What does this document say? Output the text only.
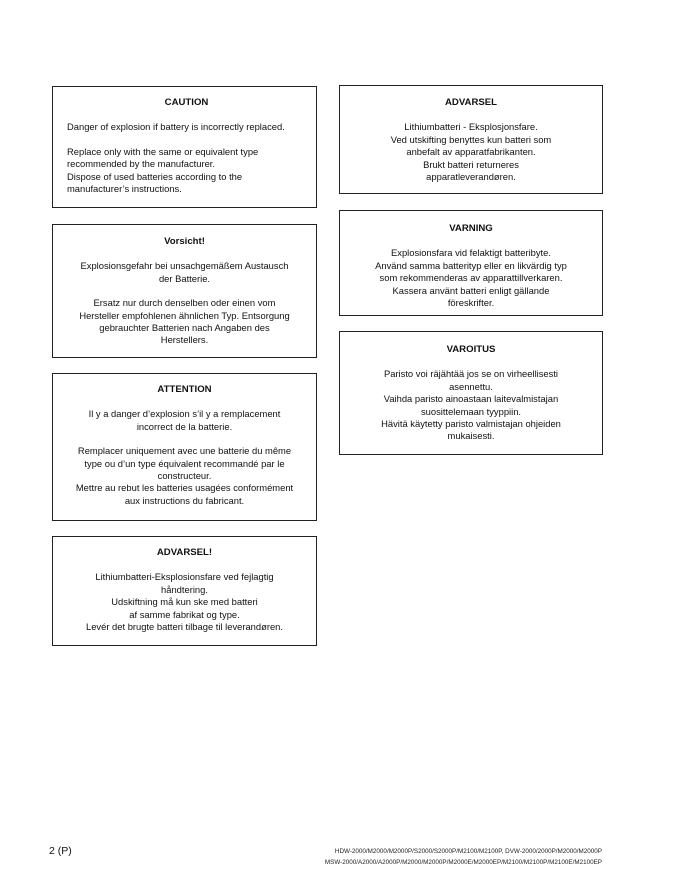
CAUTION
Danger of explosion if battery is incorrectly replaced.
Replace only with the same or equivalent type
recommended by the manufacturer.
Dispose of used batteries according to the
manufacturer’s instructions.
Vorsicht!
Explosionsgefahr bei unsachgemäßem Austausch
der Batterie.
Ersatz nur durch denselben oder einen vom
Hersteller empfohlenen ähnlichen Typ. Entsorgung
gebrauchter Batterien nach Angaben des
Herstellers.
ATTENTION
Il y a danger d’explosion s’il y a remplacement
incorrect de la batterie.
Remplacer uniquement avec une batterie du même
type ou d’un type équivalent recommandé par le
constructeur.
Mettre au rebut les batteries usagées conformément
aux instructions du fabricant.
ADVARSEL!
Lithiumbatteri-Eksplosionsfare ved fejlagtig
håndtering.
Udskiftning må kun ske med batteri
af samme fabrikat og type.
Levér det brugte batteri tilbage til leverandøren.
ADVARSEL
Lithiumbatteri - Eksplosjonsfare.
Ved utskifting benyttes kun batteri som
anbefalt av apparatfabrikanten.
Brukt batteri returneres
apparatleverandøren.
VARNING
Explosionsfara vid felaktigt batteribyte.
Använd samma batterityp eller en likvärdig typ
som rekommenderas av apparattillverkaren.
Kassera använt batteri enligt gällande
föreskrifter.
VAROITUS
Paristo voi räjähtää jos se on virheellisesti
asennettu.
Vaihda paristo ainoastaan laitevalmistajan
suosittelemaan tyyppiin.
Hävitä käytetty paristo valmistajan ohjeiden
mukaisesti.
2 (P)	HDW-2000/M2000/M2000P/S2000/S2000P/M2100/M2100P, DVW-2000/2000P/M2000/M2000P
MSW-2000/A2000/A2000P/M2000/M2000P/M2000E/M2000EP/M2100/M2100P/M2100E/M2100EP
